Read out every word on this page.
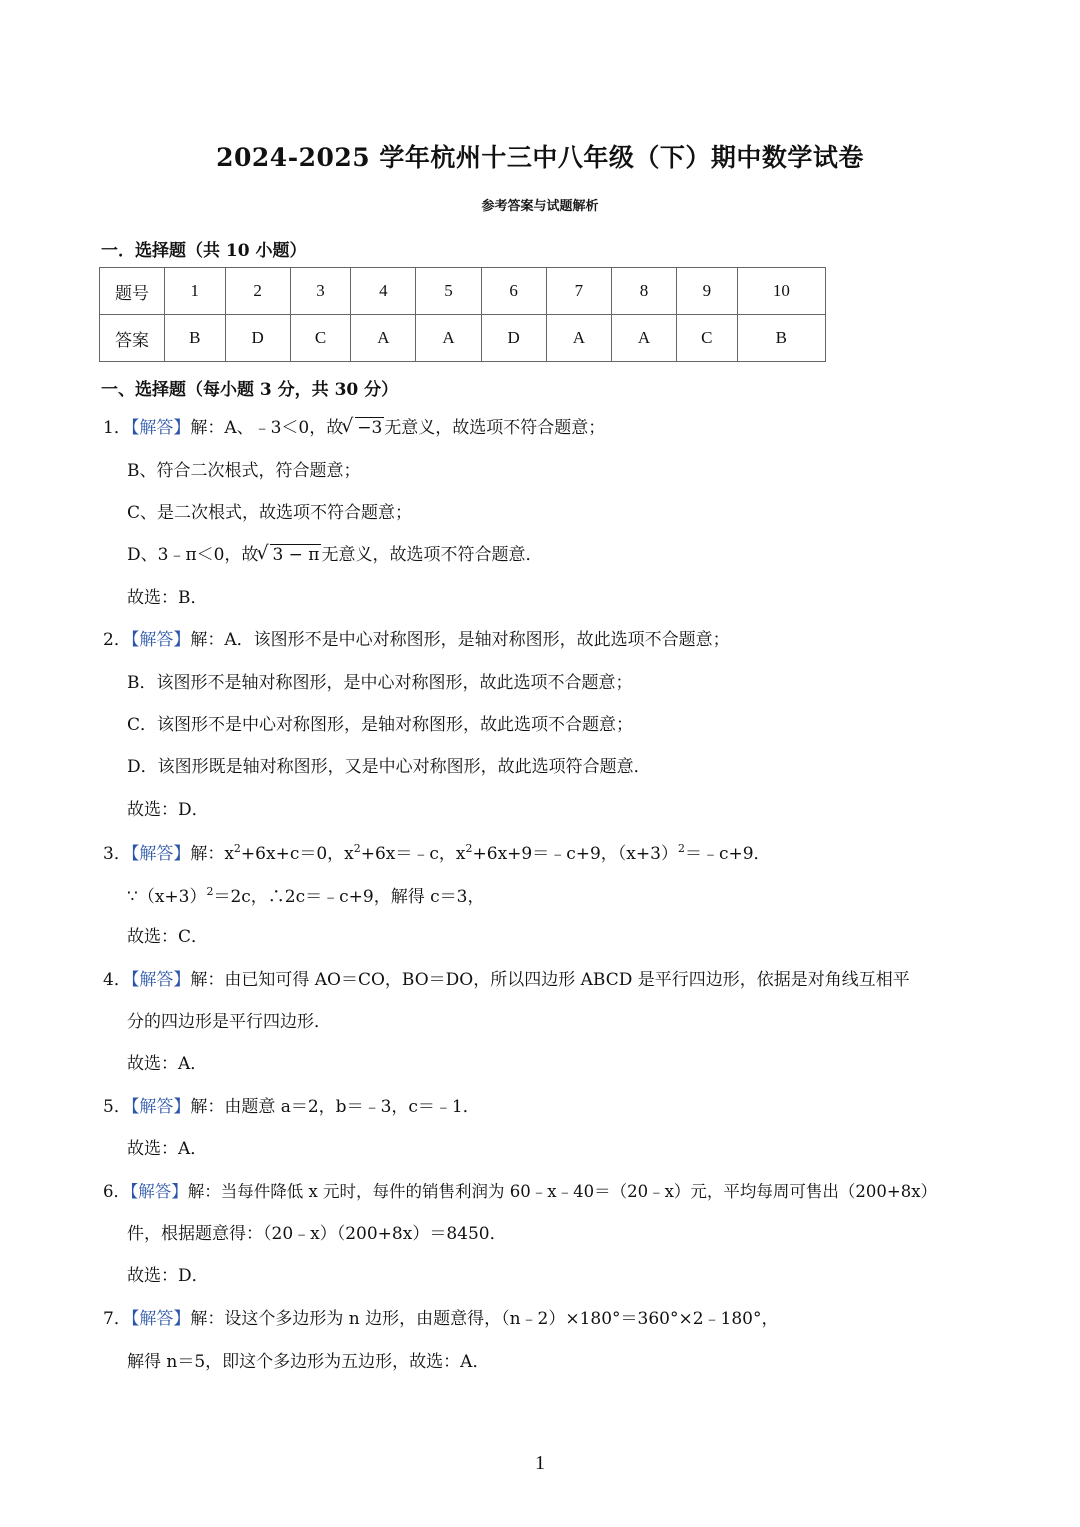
2024-2025 学年杭州十三中八年级（下）期中数学试卷
参考答案与试题解析
一．选择题（共 10 小题）
题号	1	2	3	4	5	6	7	8	9	10
答案	B	D	C	A	A	D	A	A	C	B
一、选择题（每小题 3 分，共 30 分）
1．【解答】解：A、﹣3＜0，故 √ −3 无意义，故选项不符合题意；
B、符合二次根式，符合题意；
C、是二次根式，故选项不符合题意；
D、3﹣π＜0，故 √ 3 − π 无意义，故选项不符合题意．
故选：B．
2．【解答】解：A．该图形不是中心对称图形，是轴对称图形，故此选项不合题意；
B．该图形不是轴对称图形，是中心对称图形，故此选项不合题意；
C．该图形不是中心对称图形，是轴对称图形，故此选项不合题意；
D．该图形既是轴对称图形，又是中心对称图形，故此选项符合题意．
故选：D．
3．【解答】解：$x^2+6x+c=0$，$x^2+6x=﹣c$，$x^2+6x+9=﹣c+9$，$(x+3)^2=﹣c+9$．
$\because(x+3)^2=2c$，∴2c＝﹣c+9，解得 c＝3，
故选：C．
4．【解答】解：由已知可得 AO＝CO，BO＝DO，所以四边形 ABCD 是平行四边形，依据是对角线互相平
分的四边形是平行四边形．
故选：A．
5．【解答】解：由题意 a＝2，b＝﹣3，c＝﹣1．
故选：A．
6．【解答】解：当每件降低 x 元时，每件的销售利润为 60﹣x﹣40＝（20﹣x）元，平均每周可售出（200+8x）
件，根据题意得：（20﹣x）（200+8x）＝8450．
故选：D．
7．【解答】解：设这个多边形为 n 边形，由题意得，（n﹣2）×180°＝360°×2﹣180°，
解得 n＝5，即这个多边形为五边形，故选：A．
1
